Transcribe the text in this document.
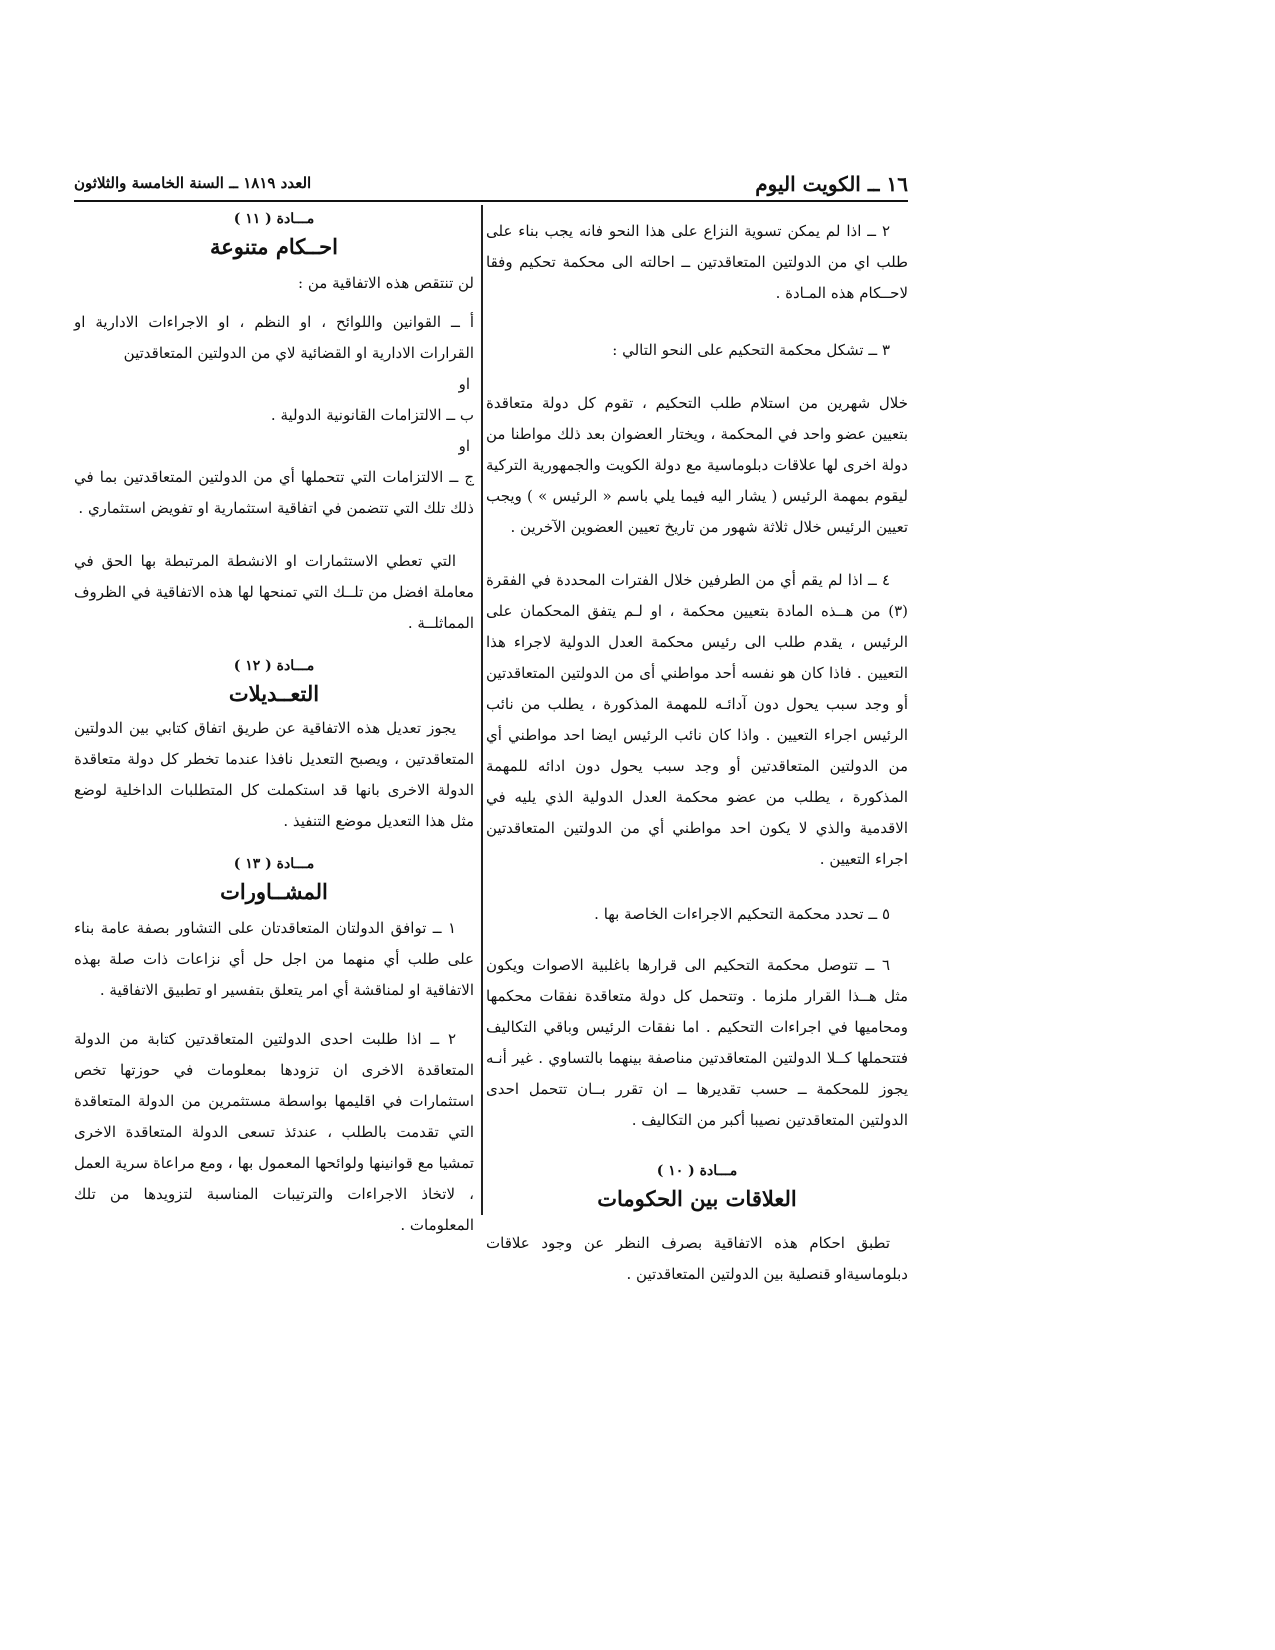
١٦ ــ الكويت اليوم
العدد ١٨١٩ ــ السنة الخامسة والثلاثون

٢ ــ اذا لم يمكن تسوية النزاع على هذا النحو فانه يجب بناء على طلب اي من الدولتين المتعاقدتين ــ احالته الى محكمة تحكيم وفقا لاحــكام هذه المـادة .

٣ ــ تشكل محكمة التحكيم على النحو التالي :

خلال شهرين من استلام طلب التحكيم ، تقوم كل دولة متعاقدة بتعيين عضو واحد في المحكمة ، ويختار العضوان بعد ذلك مواطنا من دولة اخرى لها علاقات دبلوماسية مع دولة الكويت والجمهورية التركية ليقوم بمهمة الرئيس ( يشار اليه فيما يلي باسم « الرئيس » ) ويجب تعيين الرئيس خلال ثلاثة شهور من تاريخ تعيين العضوين الآخرين .

٤ ــ اذا لم يقم أي من الطرفين خلال الفترات المحددة في الفقرة (٣) من هــذه المادة بتعيين محكمة ، او لـم يتفق المحكمان على الرئيس ، يقدم طلب الى رئيس محكمة العدل الدولية لاجراء هذا التعيين . فاذا كان هو نفسه أحد مواطني أى من الدولتين المتعاقدتين أو وجد سبب يحول دون آدائـه للمهمة المذكورة ، يطلب من نائب الرئيس اجراء التعيين . واذا كان نائب الرئيس ايضا احد مواطني أي من الدولتين المتعاقدتين أو وجد سبب يحول دون ادائه للمهمة المذكورة ، يطلب من عضو محكمة العدل الدولية الذي يليه في الاقدمية والذي لا يكون احد مواطني أي من الدولتين المتعاقدتين اجراء التعيين .

٥ ــ تحدد محكمة التحكيم الاجراءات الخاصة بها .

٦ ــ تتوصل محكمة التحكيم الى قرارها باغلبية الاصوات ويكون مثل هــذا القرار ملزما . وتتحمل كل دولة متعاقدة نفقات محكمها ومحاميها في اجراءات التحكيم . اما نفقات الرئيس وباقي التكاليف فتتحملها كــلا الدولتين المتعاقدتين مناصفة بينهما بالتساوي . غير أنـه يجوز للمحكمة ــ حسب تقديرها ــ ان تقرر بــان تتحمل احدى الدولتين المتعاقدتين نصيبا أكبر من التكاليف .

مـــادة ( ١٠ )

العلاقات بين الحكومات

تطبق احكام هذه الاتفاقية بصرف النظر عن وجود علاقات دبلوماسيةاو قنصلية بين الدولتين المتعاقدتين .

مـــادة ( ١١ )

احــكام متنوعة

لن تنتقص هذه الاتفاقية من :

أ ــ القوانين واللوائح ، او النظم ، او الاجراءات الادارية او القرارات الادارية او القضائية لاي من الدولتين المتعاقدتين

او

ب ــ الالتزامات القانونية الدولية .

او

ج ــ الالتزامات التي تتحملها أي من الدولتين المتعاقدتين بما في ذلك تلك التي تتضمن في اتفاقية استثمارية او تفويض استثماري .

التي تعطي الاستثمارات او الانشطة المرتبطة بها الحق في معاملة افضل من تلــك التي تمنحها لها هذه الاتفاقية في الظروف المماثلــة .

مـــادة ( ١٢ )

التعــديلات

يجوز تعديل هذه الاتفاقية عن طريق اتفاق كتابي بين الدولتين المتعاقدتين ، ويصبح التعديل نافذا عندما تخطر كل دولة متعاقدة الدولة الاخرى بانها قد استكملت كل المتطلبات الداخلية لوضع مثل هذا التعديل موضع التنفيذ .

مـــادة ( ١٣ )

المشــاورات

١ ــ توافق الدولتان المتعاقدتان على التشاور بصفة عامة بناء على طلب أي منهما من اجل حل أي نزاعات ذات صلة بهذه الاتفاقية او لمناقشة أي امر يتعلق بتفسير او تطبيق الاتفاقية .

٢ ــ اذا طلبت احدى الدولتين المتعاقدتين كتابة من الدولة المتعاقدة الاخرى ان تزودها بمعلومات في حوزتها تخص استثمارات في اقليمها بواسطة مستثمرين من الدولة المتعاقدة التي تقدمت بالطلب ، عندئذ تسعى الدولة المتعاقدة الاخرى تمشيا مع قوانينها ولوائحها المعمول بها ، ومع مراعاة سرية العمل ، لاتخاذ الاجراءات والترتيبات المناسبة لتزويدها من تلك المعلومات .
